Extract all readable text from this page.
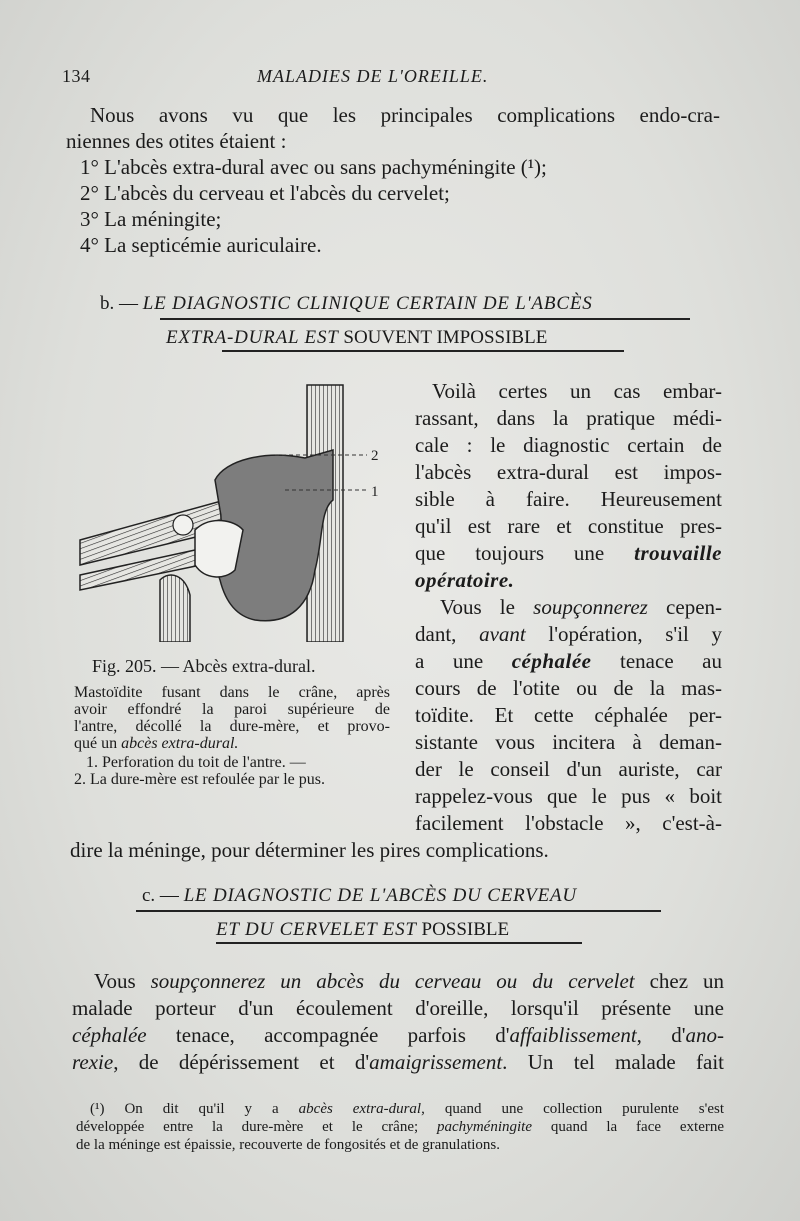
134	MALADIES DE L'OREILLE.
Nous avons vu que les principales complications endo-cra-
niennes des otites étaient :
1° L'abcès extra-dural avec ou sans pachyméningite (¹);
2° L'abcès du cerveau et l'abcès du cervelet;
3° La méningite;
4° La septicémie auriculaire.
b. — LE DIAGNOSTIC CLINIQUE CERTAIN DE L'ABCÈS
EXTRA-DURAL EST SOUVENT IMPOSSIBLE
2
1
Fig. 205. — Abcès extra-dural.
Mastoïdite fusant dans le crâne, après
avoir effondré la paroi supérieure de
l'antre, décollé la dure-mère, et provo-
qué un abcès extra-dural.
1. Perforation du toit de l'antre. —
2. La dure-mère est refoulée par le pus.
Voilà certes un cas embar-
rassant, dans la pratique médi-
cale : le diagnostic certain de
l'abcès extra-dural est impos-
sible à faire. Heureusement
qu'il est rare et constitue pres-
que toujours une trouvaille
opératoire.
Vous le soupçonnerez cepen-
dant, avant l'opération, s'il y
a une céphalée tenace au
cours de l'otite ou de la mas-
toïdite. Et cette céphalée per-
sistante vous incitera à deman-
der le conseil d'un auriste, car
rappelez-vous que le pus « boit
facilement l'obstacle », c'est-à-
dire la méninge, pour déterminer les pires complications.
c. — LE DIAGNOSTIC DE L'ABCÈS DU CERVEAU
ET DU CERVELET EST POSSIBLE
Vous soupçonnerez un abcès du cerveau ou du cervelet chez un
malade porteur d'un écoulement d'oreille, lorsqu'il présente une
céphalée tenace, accompagnée parfois d'affaiblissement, d'ano-
rexie, de dépérissement et d'amaigrissement. Un tel malade fait
(¹) On dit qu'il y a abcès extra-dural, quand une collection purulente s'est
développée entre la dure-mère et le crâne; pachyméningite quand la face externe
de la méninge est épaissie, recouverte de fongosités et de granulations.
